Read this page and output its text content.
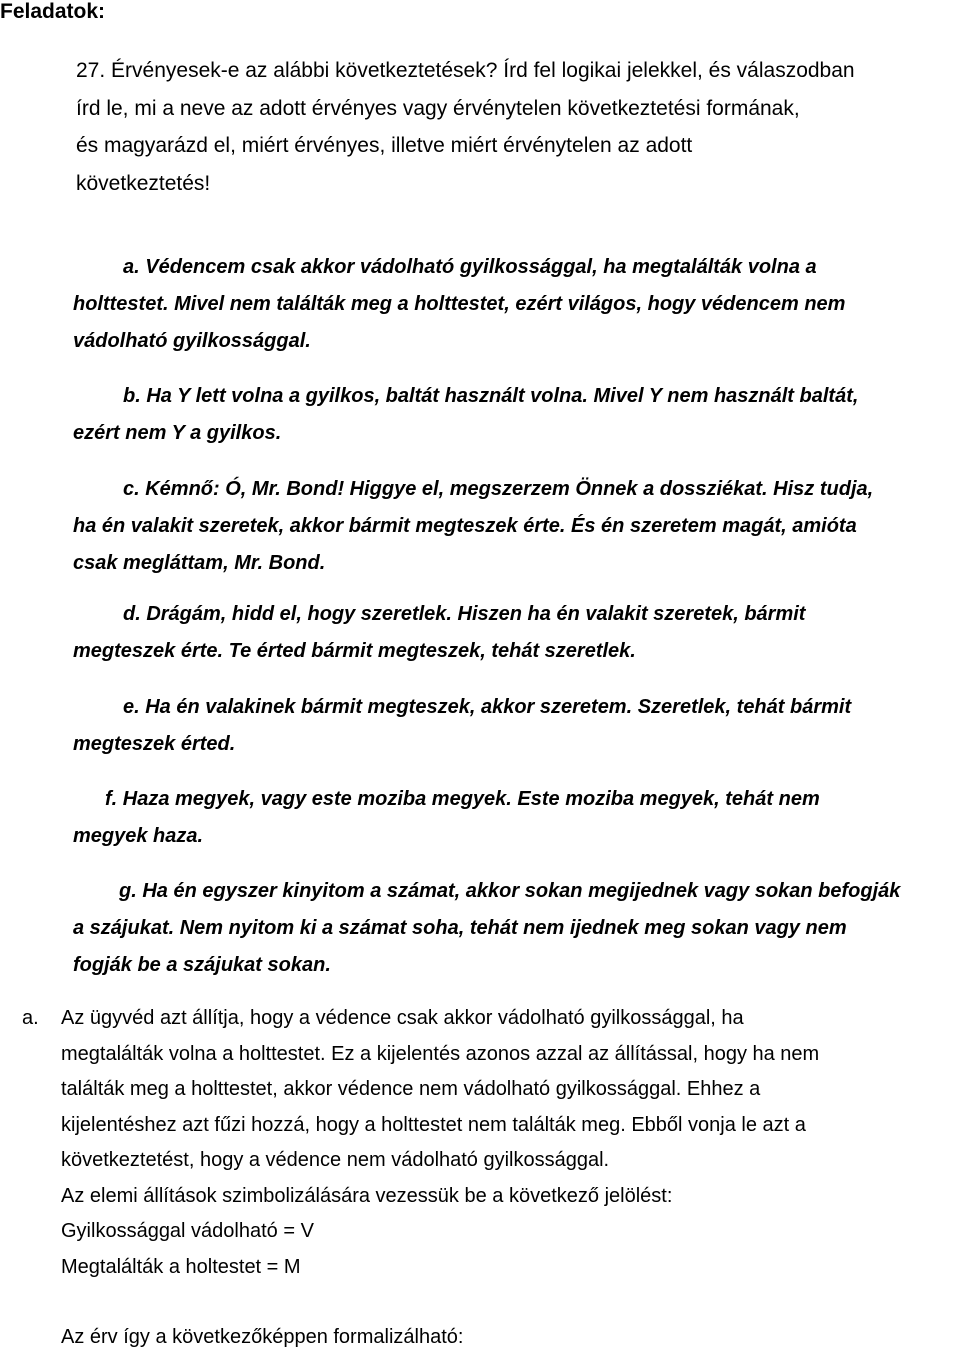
Feladatok:
27. Érvényesek-e az alábbi következtetések? Írd fel logikai jelekkel, és válaszodban
írd le, mi a neve az adott érvényes vagy érvénytelen következtetési formának,
és magyarázd el, miért érvényes, illetve miért érvénytelen az adott
következtetés!
a. Védencem csak akkor vádolható gyilkossággal, ha megtalálták volna a
holttestet. Mivel nem találták meg a holttestet, ezért világos, hogy védencem nem
vádolható gyilkossággal.
b. Ha Y lett volna a gyilkos, baltát használt volna. Mivel Y nem használt baltát,
ezért nem Y a gyilkos.
c. Kémnő: Ó, Mr. Bond! Higgye el, megszerzem Önnek a dossziékat. Hisz tudja,
ha én valakit szeretek, akkor bármit megteszek érte. És én szeretem magát, amióta
csak megláttam, Mr. Bond.
d. Drágám, hidd el, hogy szeretlek. Hiszen ha én valakit szeretek, bármit
megteszek érte. Te érted bármit megteszek, tehát szeretlek.
e. Ha én valakinek bármit megteszek, akkor szeretem. Szeretlek, tehát bármit
megteszek érted.
f. Haza megyek, vagy este moziba megyek. Este moziba megyek, tehát nem
megyek haza.
g. Ha én egyszer kinyitom a számat, akkor sokan megijednek vagy sokan befogják
a szájukat. Nem nyitom ki a számat soha, tehát nem ijednek meg sokan vagy nem
fogják be a szájukat sokan.
a. Az ügyvéd azt állítja, hogy a védence csak akkor vádolható gyilkossággal, ha
megtalálták volna a holttestet. Ez a kijelentés azonos azzal az állítással, hogy ha nem
találták meg a holttestet, akkor védence nem vádolható gyilkossággal. Ehhez a
kijelentéshez azt fűzi hozzá, hogy a holttestet nem találták meg. Ebből vonja le azt a
következtetést, hogy a védence nem vádolható gyilkossággal.
Az elemi állítások szimbolizálására vezessük be a következő jelölést:
Gyilkossággal vádolható = V
Megtalálták a holtestet = M
Az érv így a következőképpen formalizálható:
